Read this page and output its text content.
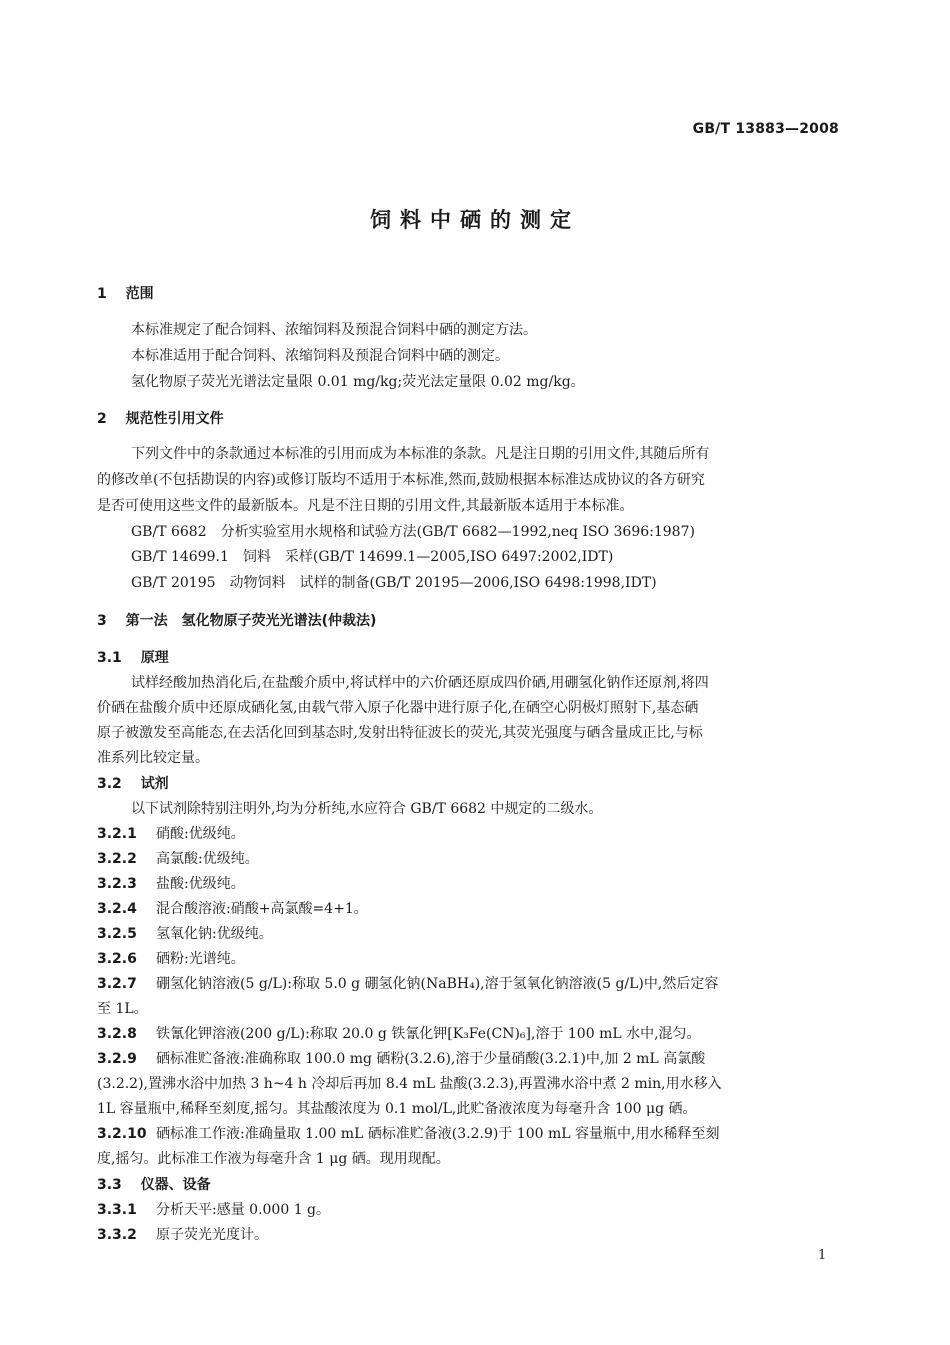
GB/T 13883—2008
饲料中硒的测定
1 范围
本标准规定了配合饲料、浓缩饲料及预混合饲料中硒的测定方法。
本标准适用于配合饲料、浓缩饲料及预混合饲料中硒的测定。
氢化物原子荧光光谱法定量限 0.01 mg/kg;荧光法定量限 0.02 mg/kg。
2 规范性引用文件
下列文件中的条款通过本标准的引用而成为本标准的条款。凡是注日期的引用文件,其随后所有
的修改单(不包括勘误的内容)或修订版均不适用于本标准,然而,鼓励根据本标准达成协议的各方研究
是否可使用这些文件的最新版本。凡是不注日期的引用文件,其最新版本适用于本标准。
GB/T 6682　分析实验室用水规格和试验方法(GB/T 6682—1992,neq ISO 3696:1987)
GB/T 14699.1　饲料　采样(GB/T 14699.1—2005,ISO 6497:2002,IDT)
GB/T 20195　动物饲料　试样的制备(GB/T 20195—2006,ISO 6498:1998,IDT)
3 第一法　氢化物原子荧光光谱法(仲裁法)
3.1 原理
试样经酸加热消化后,在盐酸介质中,将试样中的六价硒还原成四价硒,用硼氢化钠作还原剂,将四
价硒在盐酸介质中还原成硒化氢,由载气带入原子化器中进行原子化,在硒空心阴极灯照射下,基态硒
原子被激发至高能态,在去活化回到基态时,发射出特征波长的荧光,其荧光强度与硒含量成正比,与标
准系列比较定量。
3.2 试剂
以下试剂除特别注明外,均为分析纯,水应符合 GB/T 6682 中规定的二级水。
3.2.1 硝酸:优级纯。
3.2.2 高氯酸:优级纯。
3.2.3 盐酸:优级纯。
3.2.4 混合酸溶液:硝酸+高氯酸=4+1。
3.2.5 氢氧化钠:优级纯。
3.2.6 硒粉:光谱纯。
3.2.7 硼氢化钠溶液(5 g/L):称取 5.0 g 硼氢化钠(NaBH₄),溶于氢氧化钠溶液(5 g/L)中,然后定容
至 1L。
3.2.8 铁氰化钾溶液(200 g/L):称取 20.0 g 铁氰化钾[K₃Fe(CN)₆],溶于 100 mL 水中,混匀。
3.2.9 硒标准贮备液:准确称取 100.0 mg 硒粉(3.2.6),溶于少量硝酸(3.2.1)中,加 2 mL 高氯酸
(3.2.2),置沸水浴中加热 3 h~4 h 冷却后再加 8.4 mL 盐酸(3.2.3),再置沸水浴中煮 2 min,用水移入
1L 容量瓶中,稀释至刻度,摇匀。其盐酸浓度为 0.1 mol/L,此贮备液浓度为每毫升含 100 μg 硒。
3.2.10 硒标准工作液:准确量取 1.00 mL 硒标准贮备液(3.2.9)于 100 mL 容量瓶中,用水稀释至刻
度,摇匀。此标准工作液为每毫升含 1 μg 硒。现用现配。
3.3 仪器、设备
3.3.1 分析天平:感量 0.000 1 g。
3.3.2 原子荧光光度计。
1
